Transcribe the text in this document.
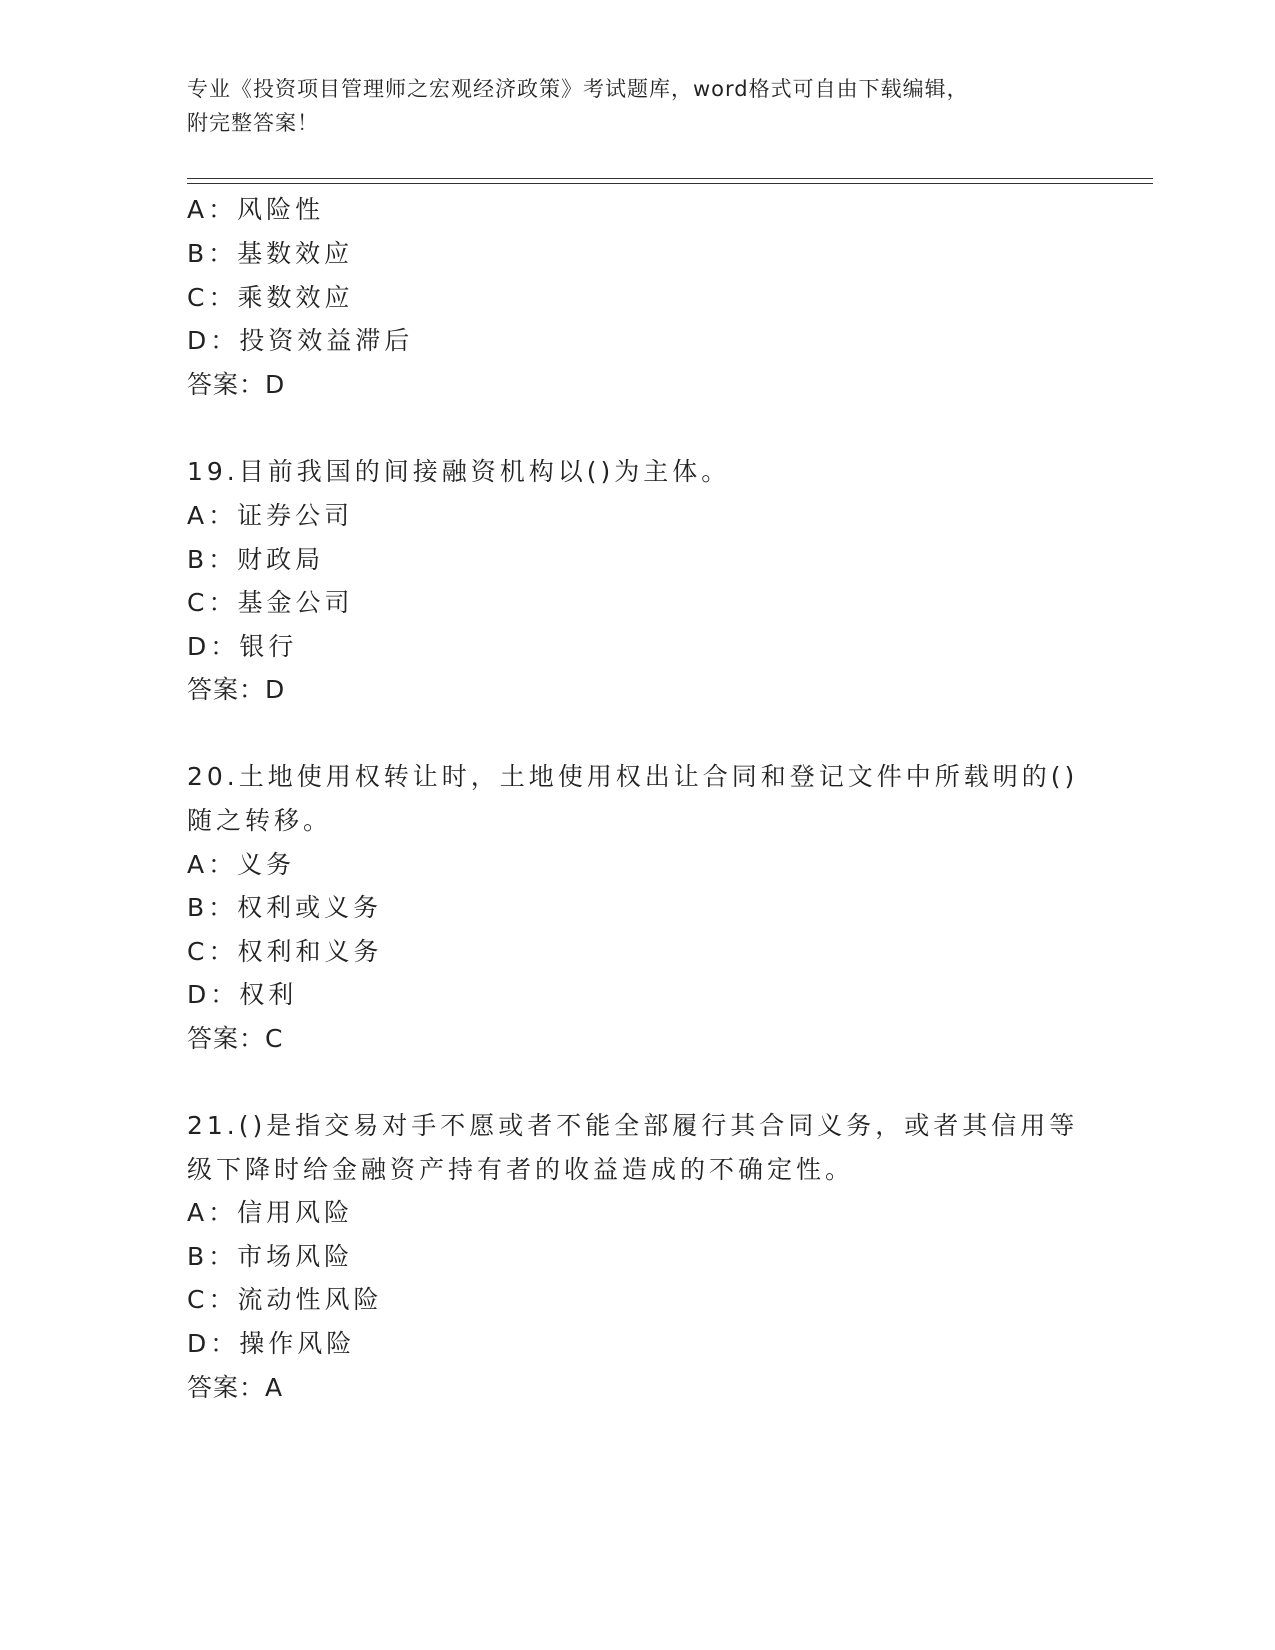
专业《投资项目管理师之宏观经济政策》考试题库，word格式可自由下载编辑，
附完整答案！
A：风险性
B：基数效应
C：乘数效应
D：投资效益滞后
答案：D
19.目前我国的间接融资机构以()为主体。
A：证券公司
B：财政局
C：基金公司
D：银行
答案：D
20.土地使用权转让时，土地使用权出让合同和登记文件中所载明的()
随之转移。
A：义务
B：权利或义务
C：权利和义务
D：权利
答案：C
21.()是指交易对手不愿或者不能全部履行其合同义务，或者其信用等
级下降时给金融资产持有者的收益造成的不确定性。
A：信用风险
B：市场风险
C：流动性风险
D：操作风险
答案：A
